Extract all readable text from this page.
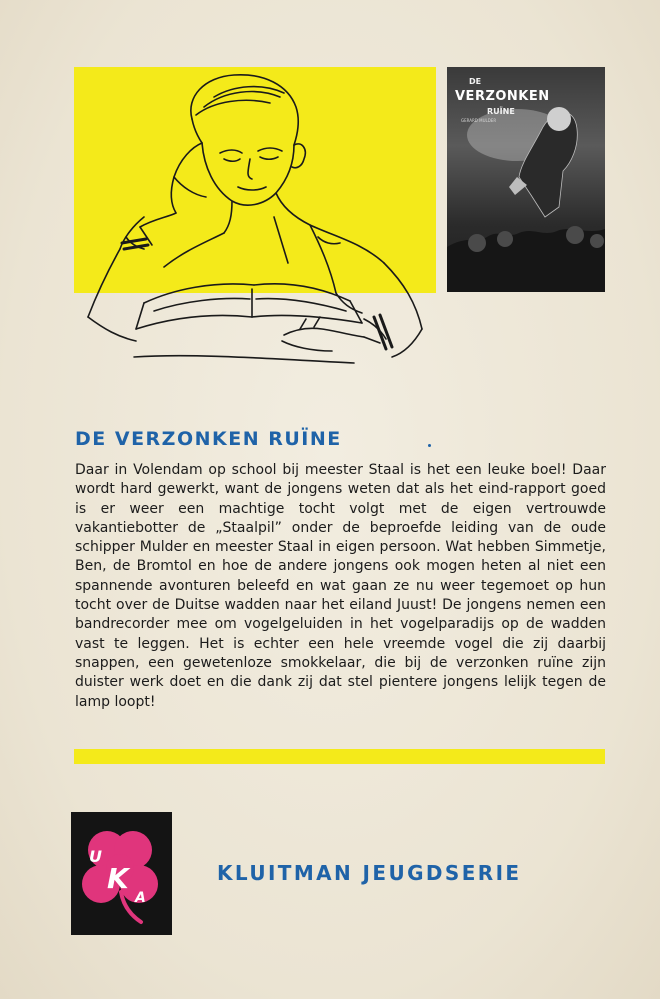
DE
VERZONKEN
RUÏNE
GERARD MULDER
DE VERZONKEN RUÏNE

Daar in Volendam op school bij meester Staal is het een leuke boel! Daar wordt hard gewerkt, want de jongens weten dat als het eind-rapport goed is er weer een machtige tocht volgt met de eigen vertrouwde vakantiebotter de „Staalpil” onder de beproefde leiding van de oude schipper Mulder en meester Staal in eigen persoon. Wat hebben Simmetje, Ben, de Bromtol en hoe de andere jongens ook mogen heten al niet een spannende avonturen beleefd en wat gaan ze nu weer tegemoet op hun tocht over de Duitse wadden naar het eiland Juust! De jongens nemen een bandrecorder mee om vogelgeluiden in het vogelparadijs op de wadden vast te leggen. Het is echter een hele vreemde vogel die zij daarbij snappen, een gewetenloze smokkelaar, die bij de verzonken ruïne zijn duister werk doet en die dank zij dat stel pientere jongens lelijk tegen de lamp loopt!

U
K
A
KLUITMAN JEUGDSERIE
